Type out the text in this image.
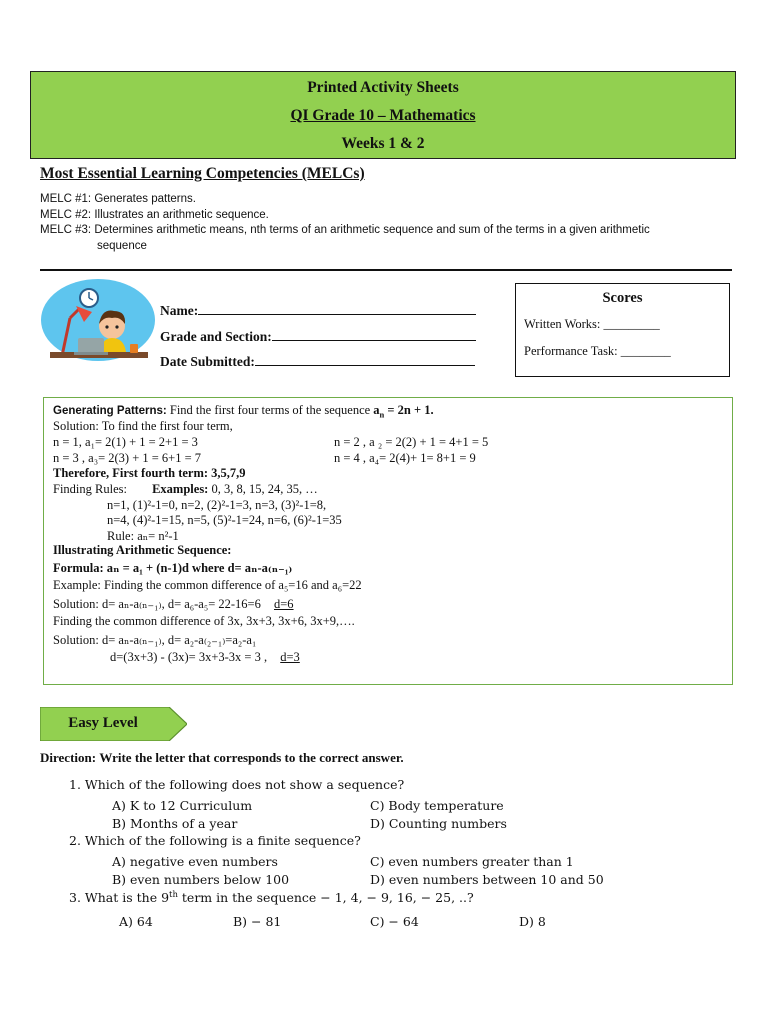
Printed Activity Sheets
QI Grade 10 – Mathematics
Weeks 1 & 2
Most Essential Learning Competencies (MELCs)
MELC #1: Generates patterns.
MELC #2: Illustrates an arithmetic sequence.
MELC #3: Determines arithmetic means, nth terms of an arithmetic sequence and sum of the terms in a given arithmetic
sequence
Name:
Grade and Section:
Date Submitted:
Scores
Written Works: _________
Performance Task: ________
Generating Patterns: Find the first four terms of the sequence $a_n = 2n + 1$.
Solution: To find the first four term,
n = 1, a₁= 2(1) + 1 = 2+1 = 3	n = 2 , a ₂ = 2(2) + 1 = 4+1 = 5
n = 3 , a₃= 2(3) + 1 = 6+1 = 7	n = 4 , a₄= 2(4)+ 1= 8+1 = 9
Therefore, First fourth term: 3,5,7,9
Finding Rules: Examples: 0, 3, 8, 15, 24, 35, …
n=1, (1)²-1=0, n=2, (2)²-1=3, n=3, (3)²-1=8,
n=4, (4)²-1=15, n=5, (5)²-1=24, n=6, (6)²-1=35
Rule: aₙ= n²-1
Illustrating Arithmetic Sequence:
Formula: aₙ = a₁ + (n-1)d where d= aₙ-a₍ₙ₋₁₎
Example: Finding the common difference of a₅=16 and a₆=22
Solution: d= aₙ-a₍ₙ₋₁₎, d= a₆-a₅= 22-16=6 d=6
Finding the common difference of 3x, 3x+3, 3x+6, 3x+9,….
Solution: d= aₙ-a₍ₙ₋₁₎, d= a₂-a₍₂₋₁₎=a₂-a₁
d=(3x+3) - (3x)= 3x+3-3x = 3 , d=3
Easy Level
Direction: Write the letter that corresponds to the correct answer.
1. Which of the following does not show a sequence?
A) K to 12 Curriculum	C) Body temperature
B) Months of a year	D) Counting numbers
2. Which of the following is a finite sequence?
A) negative even numbers	C) even numbers greater than 1
B) even numbers below 100	D) even numbers between 10 and 50
3. What is the 9th term in the sequence − 1, 4, − 9, 16, − 25, ..?
A) 64	B) − 81	C) − 64	D) 8
